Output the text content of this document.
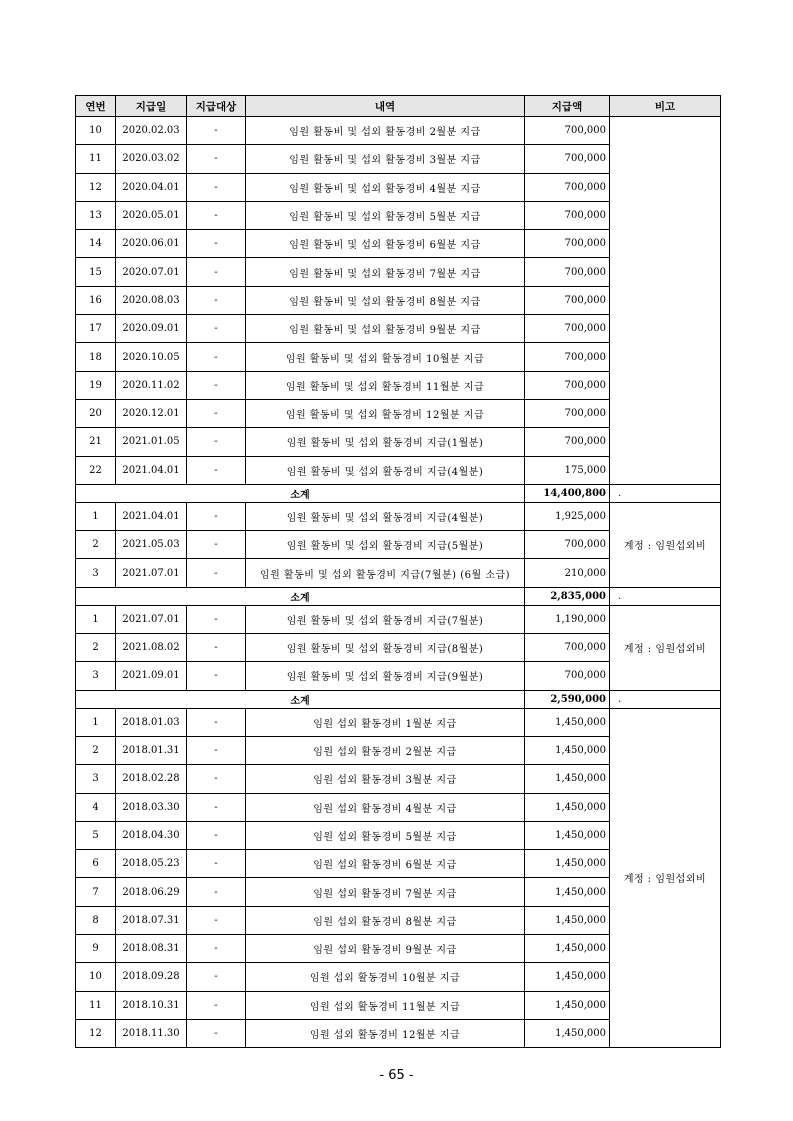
연번	지급일	지급대상	내역	지급액	비고
10	2020.02.03	-	임원 활동비 및 섭외 활동경비 2월분 지급	700,000	
11	2020.03.02	-	임원 활동비 및 섭외 활동경비 3월분 지급	700,000	
12	2020.04.01	-	임원 활동비 및 섭외 활동경비 4월분 지급	700,000	
13	2020.05.01	-	임원 활동비 및 섭외 활동경비 5월분 지급	700,000	
14	2020.06.01	-	임원 활동비 및 섭외 활동경비 6월분 지급	700,000	
15	2020.07.01	-	임원 활동비 및 섭외 활동경비 7월분 지급	700,000	
16	2020.08.03	-	임원 활동비 및 섭외 활동경비 8월분 지급	700,000	
17	2020.09.01	-	임원 활동비 및 섭외 활동경비 9월분 지급	700,000	
18	2020.10.05	-	임원 활동비 및 섭외 활동경비 10월분 지급	700,000	
19	2020.11.02	-	임원 활동비 및 섭외 활동경비 11월분 지급	700,000	
20	2020.12.01	-	임원 활동비 및 섭외 활동경비 12월분 지급	700,000	
21	2021.01.05	-	임원 활동비 및 섭외 활동경비 지급(1월분)	700,000	
22	2021.04.01	-	임원 활동비 및 섭외 활동경비 지급(4월분)	175,000	
소계				14,400,800	.
1	2021.04.01	-	임원 활동비 및 섭외 활동경비 지급(4월분)	1,925,000	계정 : 임원섭외비
2	2021.05.03	-	임원 활동비 및 섭외 활동경비 지급(5월분)	700,000	
3	2021.07.01	-	임원 활동비 및 섭외 활동경비 지급(7월분) (6월 소급)	210,000	
소계				2,835,000	.
1	2021.07.01	-	임원 활동비 및 섭외 활동경비 지급(7월분)	1,190,000	계정 : 임원섭외비
2	2021.08.02	-	임원 활동비 및 섭외 활동경비 지급(8월분)	700,000	
3	2021.09.01	-	임원 활동비 및 섭외 활동경비 지급(9월분)	700,000	
소계				2,590,000	.
1	2018.01.03	-	임원 섭외 활동경비 1월분 지급	1,450,000	계정 : 임원섭외비
2	2018.01.31	-	임원 섭외 활동경비 2월분 지급	1,450,000	
3	2018.02.28	-	임원 섭외 활동경비 3월분 지급	1,450,000	
4	2018.03.30	-	임원 섭외 활동경비 4월분 지급	1,450,000	
5	2018.04.30	-	임원 섭외 활동경비 5월분 지급	1,450,000	
6	2018.05.23	-	임원 섭외 활동경비 6월분 지급	1,450,000	
7	2018.06.29	-	임원 섭외 활동경비 7월분 지급	1,450,000	
8	2018.07.31	-	임원 섭외 활동경비 8월분 지급	1,450,000	
9	2018.08.31	-	임원 섭외 활동경비 9월분 지급	1,450,000	
10	2018.09.28	-	임원 섭외 활동경비 10월분 지급	1,450,000	
11	2018.10.31	-	임원 섭외 활동경비 11월분 지급	1,450,000	
12	2018.11.30	-	임원 섭외 활동경비 12월분 지급	1,450,000	
- 65 -
